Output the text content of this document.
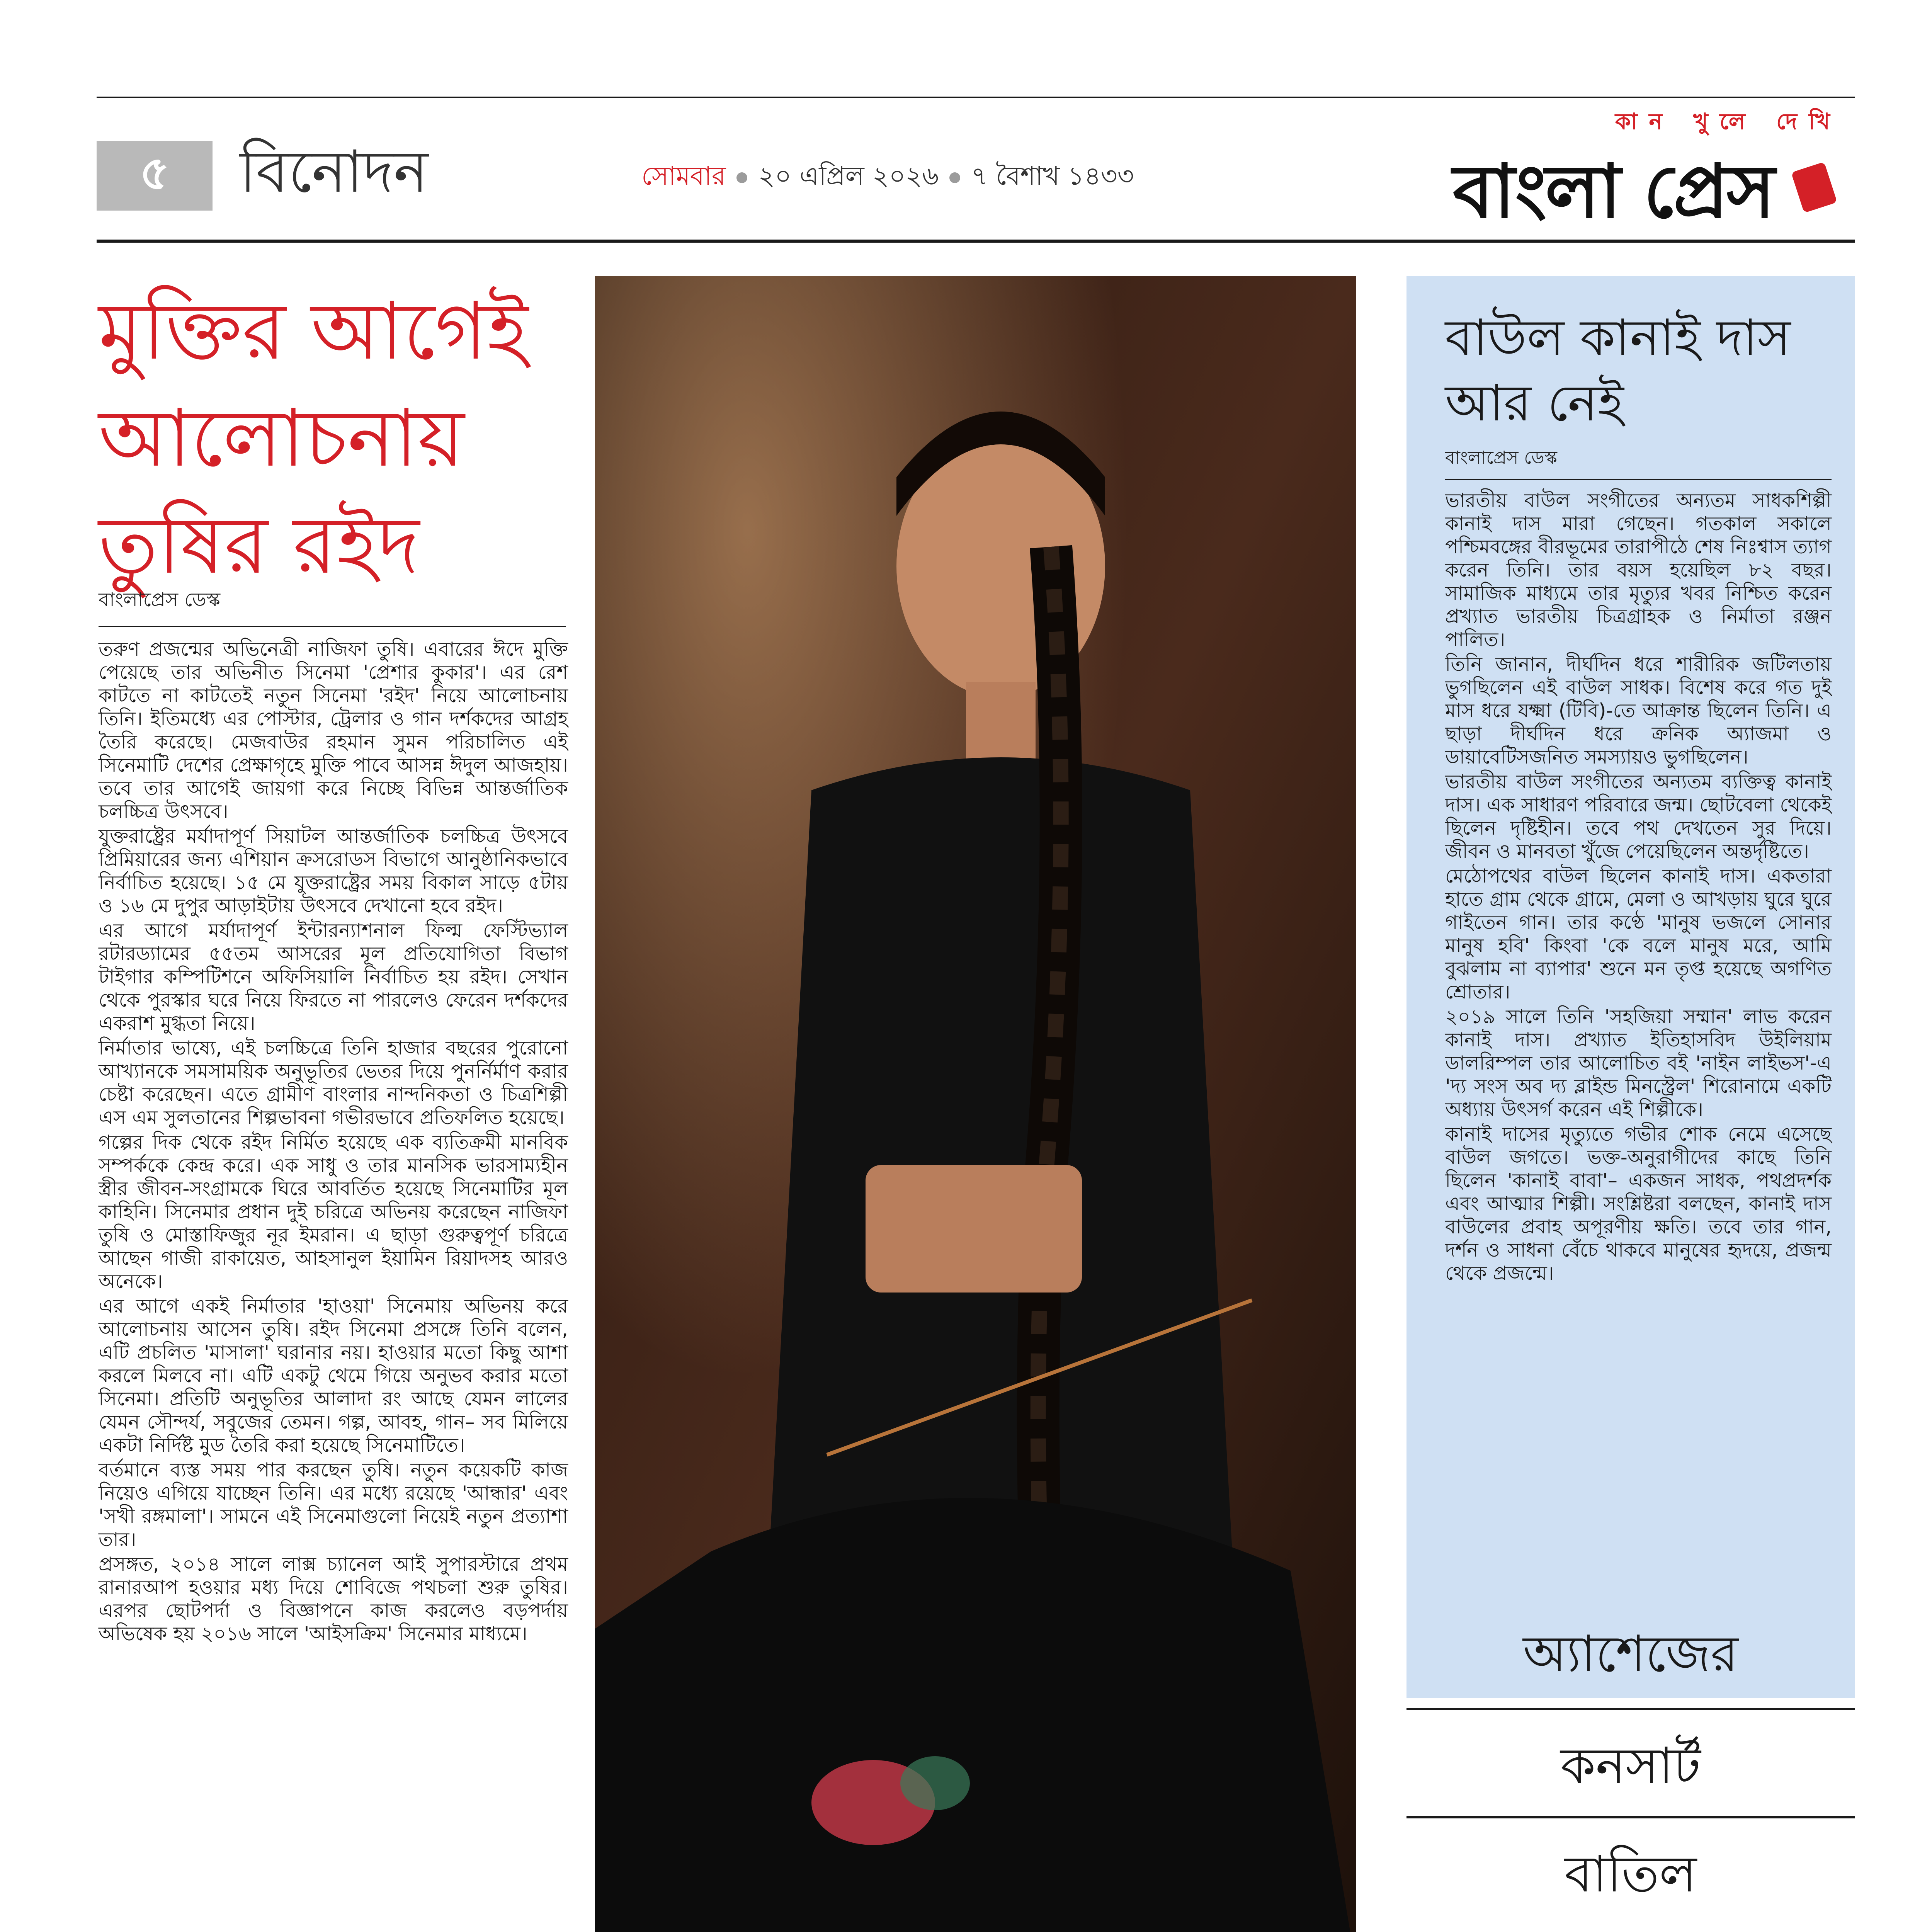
৫ বিনোদন	সোমবার ২০ এপ্রিল ২০২৬ ৭ বৈশাখ ১৪৩৩
কান খুলে দেখি
বাংলা প্রেস
মুক্তির আগেই আলোচনায় তুষির রইদ
বাংলাপ্রেস ডেস্ক

তরুণ প্রজন্মের অভিনেত্রী নাজিফা তুষি। এবারের ঈদে মুক্তি পেয়েছে তার অভিনীত সিনেমা 'প্রেশার কুকার'। এর রেশ কাটতে না কাটতেই নতুন সিনেমা 'রইদ' নিয়ে আলোচনায় তিনি। ইতিমধ্যে এর পোস্টার, ট্রেলার ও গান দর্শকদের আগ্রহ তৈরি করেছে। মেজবাউর রহমান সুমন পরিচালিত এই সিনেমাটি দেশের প্রেক্ষাগৃহে মুক্তি পাবে আসন্ন ঈদুল আজহায়। তবে তার আগেই জায়গা করে নিচ্ছে বিভিন্ন আন্তর্জাতিক চলচ্চিত্র উৎসবে।

যুক্তরাষ্ট্রের মর্যাদাপূর্ণ সিয়াটল আন্তর্জাতিক চলচ্চিত্র উৎসবে প্রিমিয়ারের জন্য এশিয়ান ক্রসরোডস বিভাগে আনুষ্ঠানিকভাবে নির্বাচিত হয়েছে। ১৫ মে যুক্তরাষ্ট্রের সময় বিকাল সাড়ে ৫টায় ও ১৬ মে দুপুর আড়াইটায় উৎসবে দেখানো হবে রইদ।

এর আগে মর্যাদাপূর্ণ ইন্টারন্যাশনাল ফিল্ম ফেস্টিভ্যাল রটারড্যামের ৫৫তম আসরের মূল প্রতিযোগিতা বিভাগ টাইগার কম্পিটিশনে অফিসিয়ালি নির্বাচিত হয় রইদ। সেখান থেকে পুরস্কার ঘরে নিয়ে ফিরতে না পারলেও ফেরেন দর্শকদের একরাশ মুগ্ধতা নিয়ে।

নির্মাতার ভাষ্যে, এই চলচ্চিত্রে তিনি হাজার বছরের পুরোনো আখ্যানকে সমসাময়িক অনুভূতির ভেতর দিয়ে পুনর্নির্মাণ করার চেষ্টা করেছেন। এতে গ্রামীণ বাংলার নান্দনিকতা ও চিত্রশিল্পী এস এম সুলতানের শিল্পভাবনা গভীরভাবে প্রতিফলিত হয়েছে।

গল্পের দিক থেকে রইদ নির্মিত হয়েছে এক ব্যতিক্রমী মানবিক সম্পর্ককে কেন্দ্র করে। এক সাধু ও তার মানসিক ভারসাম্যহীন স্ত্রীর জীবন-সংগ্রামকে ঘিরে আবর্তিত হয়েছে সিনেমাটির মূল কাহিনি। সিনেমার প্রধান দুই চরিত্রে অভিনয় করেছেন নাজিফা তুষি ও মোস্তাফিজুর নূর ইমরান। এ ছাড়া গুরুত্বপূর্ণ চরিত্রে আছেন গাজী রাকায়েত, আহসানুল ইয়ামিন রিয়াদসহ আরও অনেকে।

এর আগে একই নির্মাতার 'হাওয়া' সিনেমায় অভিনয় করে আলোচনায় আসেন তুষি। রইদ সিনেমা প্রসঙ্গে তিনি বলেন, এটি প্রচলিত 'মাসালা' ঘরানার নয়। হাওয়ার মতো কিছু আশা করলে মিলবে না। এটি একটু থেমে গিয়ে অনুভব করার মতো সিনেমা। প্রতিটি অনুভূতির আলাদা রং আছে যেমন লালের যেমন সৌন্দর্য, সবুজের তেমন। গল্প, আবহ, গান– সব মিলিয়ে একটা নির্দিষ্ট মুড তৈরি করা হয়েছে সিনেমাটিতে।

বর্তমানে ব্যস্ত সময় পার করছেন তুষি। নতুন কয়েকটি কাজ নিয়েও এগিয়ে যাচ্ছেন তিনি। এর মধ্যে রয়েছে 'আন্ধার' এবং 'সখী রঙ্গমালা'। সামনে এই সিনেমাগুলো নিয়েই নতুন প্রত্যাশা তার।

প্রসঙ্গত, ২০১৪ সালে লাক্স চ্যানেল আই সুপারস্টারে প্রথম রানারআপ হওয়ার মধ্য দিয়ে শোবিজে পথচলা শুরু তুষির। এরপর ছোটপর্দা ও বিজ্ঞাপনে কাজ করলেও বড়পর্দায় অভিষেক হয় ২০১৬ সালে 'আইসক্রিম' সিনেমার মাধ্যমে।

বাউল কানাই দাস আর নেই
বাংলাপ্রেস ডেস্ক

ভারতীয় বাউল সংগীতের অন্যতম সাধকশিল্পী কানাই দাস মারা গেছেন। গতকাল সকালে পশ্চিমবঙ্গের বীরভূমের তারাপীঠে শেষ নিঃশ্বাস ত্যাগ করেন তিনি। তার বয়স হয়েছিল ৮২ বছর। সামাজিক মাধ্যমে তার মৃত্যুর খবর নিশ্চিত করেন প্রখ্যাত ভারতীয় চিত্রগ্রাহক ও নির্মাতা রঞ্জন পালিত।

তিনি জানান, দীর্ঘদিন ধরে শারীরিক জটিলতায় ভুগছিলেন এই বাউল সাধক। বিশেষ করে গত দুই মাস ধরে যক্ষ্মা (টিবি)-তে আক্রান্ত ছিলেন তিনি। এ ছাড়া দীর্ঘদিন ধরে ক্রনিক অ্যাজমা ও ডায়াবেটিসজনিত সমস্যায়ও ভুগছিলেন।

ভারতীয় বাউল সংগীতের অন্যতম ব্যক্তিত্ব কানাই দাস। এক সাধারণ পরিবারে জন্ম। ছোটবেলা থেকেই ছিলেন দৃষ্টিহীন। তবে পথ দেখতেন সুর দিয়ে। জীবন ও মানবতা খুঁজে পেয়েছিলেন অন্তর্দৃষ্টিতে।

মেঠোপথের বাউল ছিলেন কানাই দাস। একতারা হাতে গ্রাম থেকে গ্রামে, মেলা ও আখড়ায় ঘুরে ঘুরে গাইতেন গান। তার কণ্ঠে 'মানুষ ভজলে সোনার মানুষ হবি' কিংবা 'কে বলে মানুষ মরে, আমি বুঝলাম না ব্যাপার' শুনে মন তৃপ্ত হয়েছে অগণিত শ্রোতার।

২০১৯ সালে তিনি 'সহজিয়া সম্মান' লাভ করেন কানাই দাস। প্রখ্যাত ইতিহাসবিদ উইলিয়াম ডালরিম্পল তার আলোচিত বই 'নাইন লাইভস'-এ 'দ্য সংস অব দ্য ব্লাইন্ড মিনস্ট্রেল' শিরোনামে একটি অধ্যায় উৎসর্গ করেন এই শিল্পীকে।

কানাই দাসের মৃত্যুতে গভীর শোক নেমে এসেছে বাউল জগতে। ভক্ত-অনুরাগীদের কাছে তিনি ছিলেন 'কানাই বাবা'– একজন সাধক, পথপ্রদর্শক এবং আত্মার শিল্পী। সংশ্লিষ্টরা বলছেন, কানাই দাস বাউলের প্রবাহ অপূরণীয় ক্ষতি। তবে তার গান, দর্শন ও সাধনা বেঁচে থাকবে মানুষের হৃদয়ে, প্রজন্ম থেকে প্রজন্মে।

অ্যাশেজের
কনসার্ট
বাতিল
